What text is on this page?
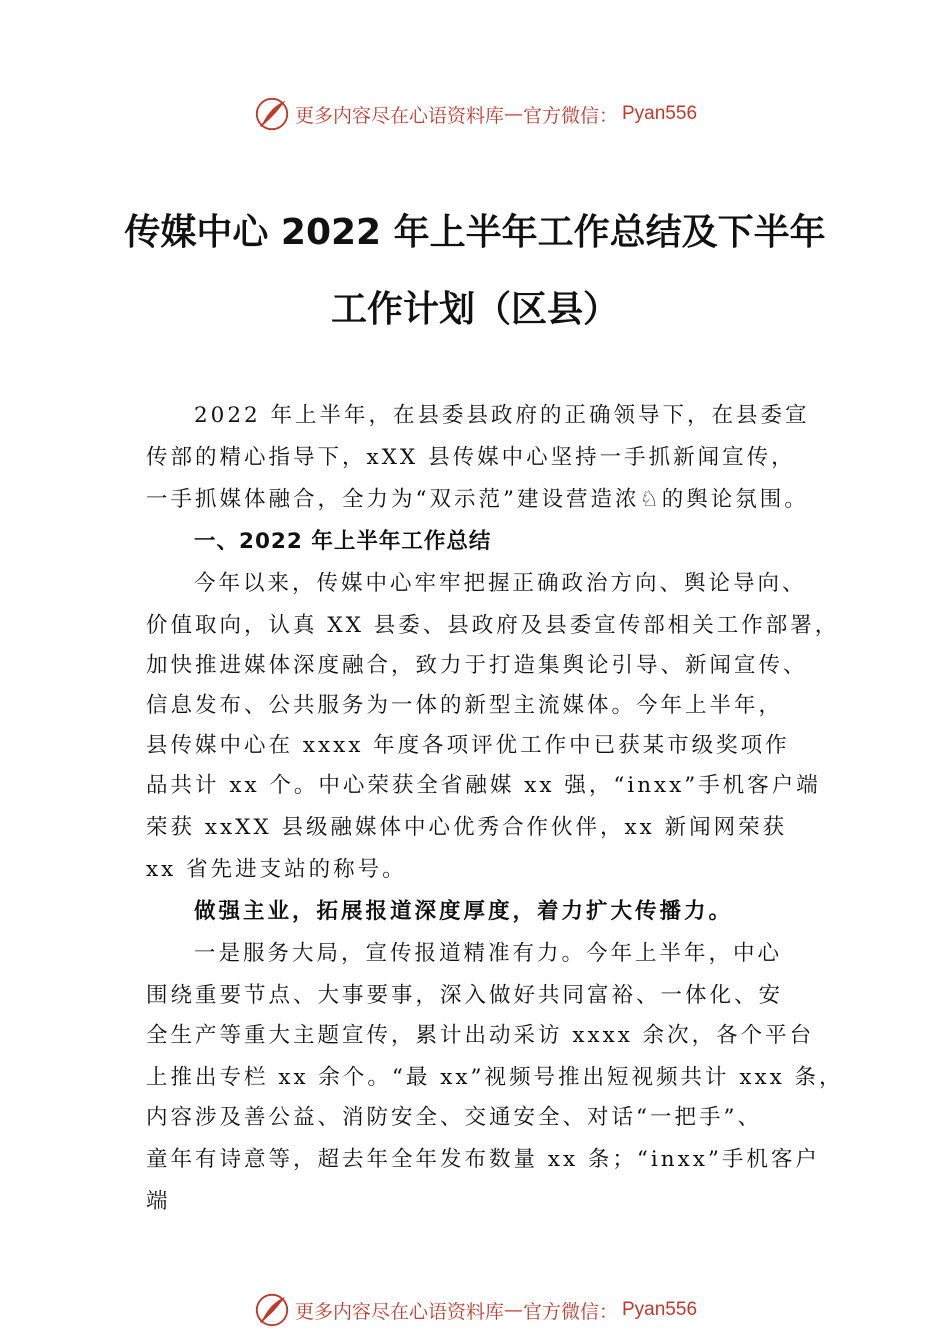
更多内容尽在心语资料库 — 官方微信： Pyan556
传媒中心 2022 年上半年工作总结及下半年
工作计划（区县）
2022 年上半年，在县委县政府的正确领导下，在县委宣
传部的精心指导下，xXX 县传媒中心坚持一手抓新闻宣传，
一手抓媒体融合，全力为“双示范”建设营造浓♘的舆论氛围。
一、2022 年上半年工作总结
今年以来，传媒中心牢牢把握正确政治方向、舆论导向、
价值取向，认真 XX 县委、县政府及县委宣传部相关工作部署，
加快推进媒体深度融合，致力于打造集舆论引导、新闻宣传、
信息发布、公共服务为一体的新型主流媒体。今年上半年，
县传媒中心在 xxxx 年度各项评优工作中已获某市级奖项作
品共计 xx 个。中心荣获全省融媒 xx 强，“inxx”手机客户端
荣获 xxXX 县级融媒体中心优秀合作伙伴，xx 新闻网荣获
xx 省先进支站的称号。
做强主业，拓展报道深度厚度，着力扩大传播力。
一是服务大局，宣传报道精准有力。今年上半年，中心
围绕重要节点、大事要事，深入做好共同富裕、一体化、安
全生产等重大主题宣传，累计出动采访 xxxx 余次，各个平台
上推出专栏 xx 余个。“最 xx”视频号推出短视频共计 xxx 条，
内容涉及善公益、消防安全、交通安全、对话“一把手”、
童年有诗意等，超去年全年发布数量 xx 条；“inxx”手机客户
端
更多内容尽在心语资料库 — 官方微信： Pyan556
